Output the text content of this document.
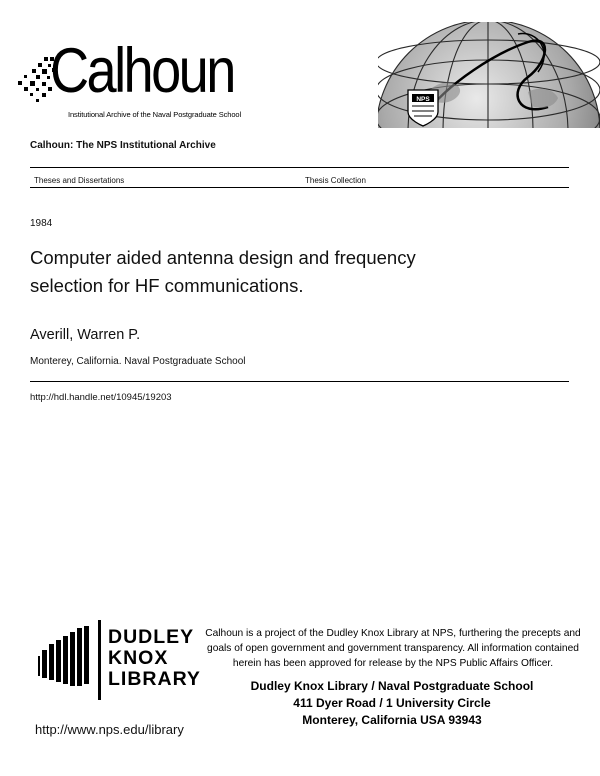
Calhoun
Institutional Archive of the Naval Postgraduate School
NPS
Calhoun: The NPS Institutional Archive
Theses and Dissertations	Thesis Collection
1984
Computer aided antenna design and frequency
selection for HF communications.
Averill, Warren P.
Monterey, California. Naval Postgraduate School
http://hdl.handle.net/10945/19203
DUDLEY
KNOX
LIBRARY
http://www.nps.edu/library
Calhoun is a project of the Dudley Knox Library at NPS, furthering the precepts and
goals of open government and government transparency. All information contained
herein has been approved for release by the NPS Public Affairs Officer.
Dudley Knox Library / Naval Postgraduate School
411 Dyer Road / 1 University Circle
Monterey, California USA 93943
